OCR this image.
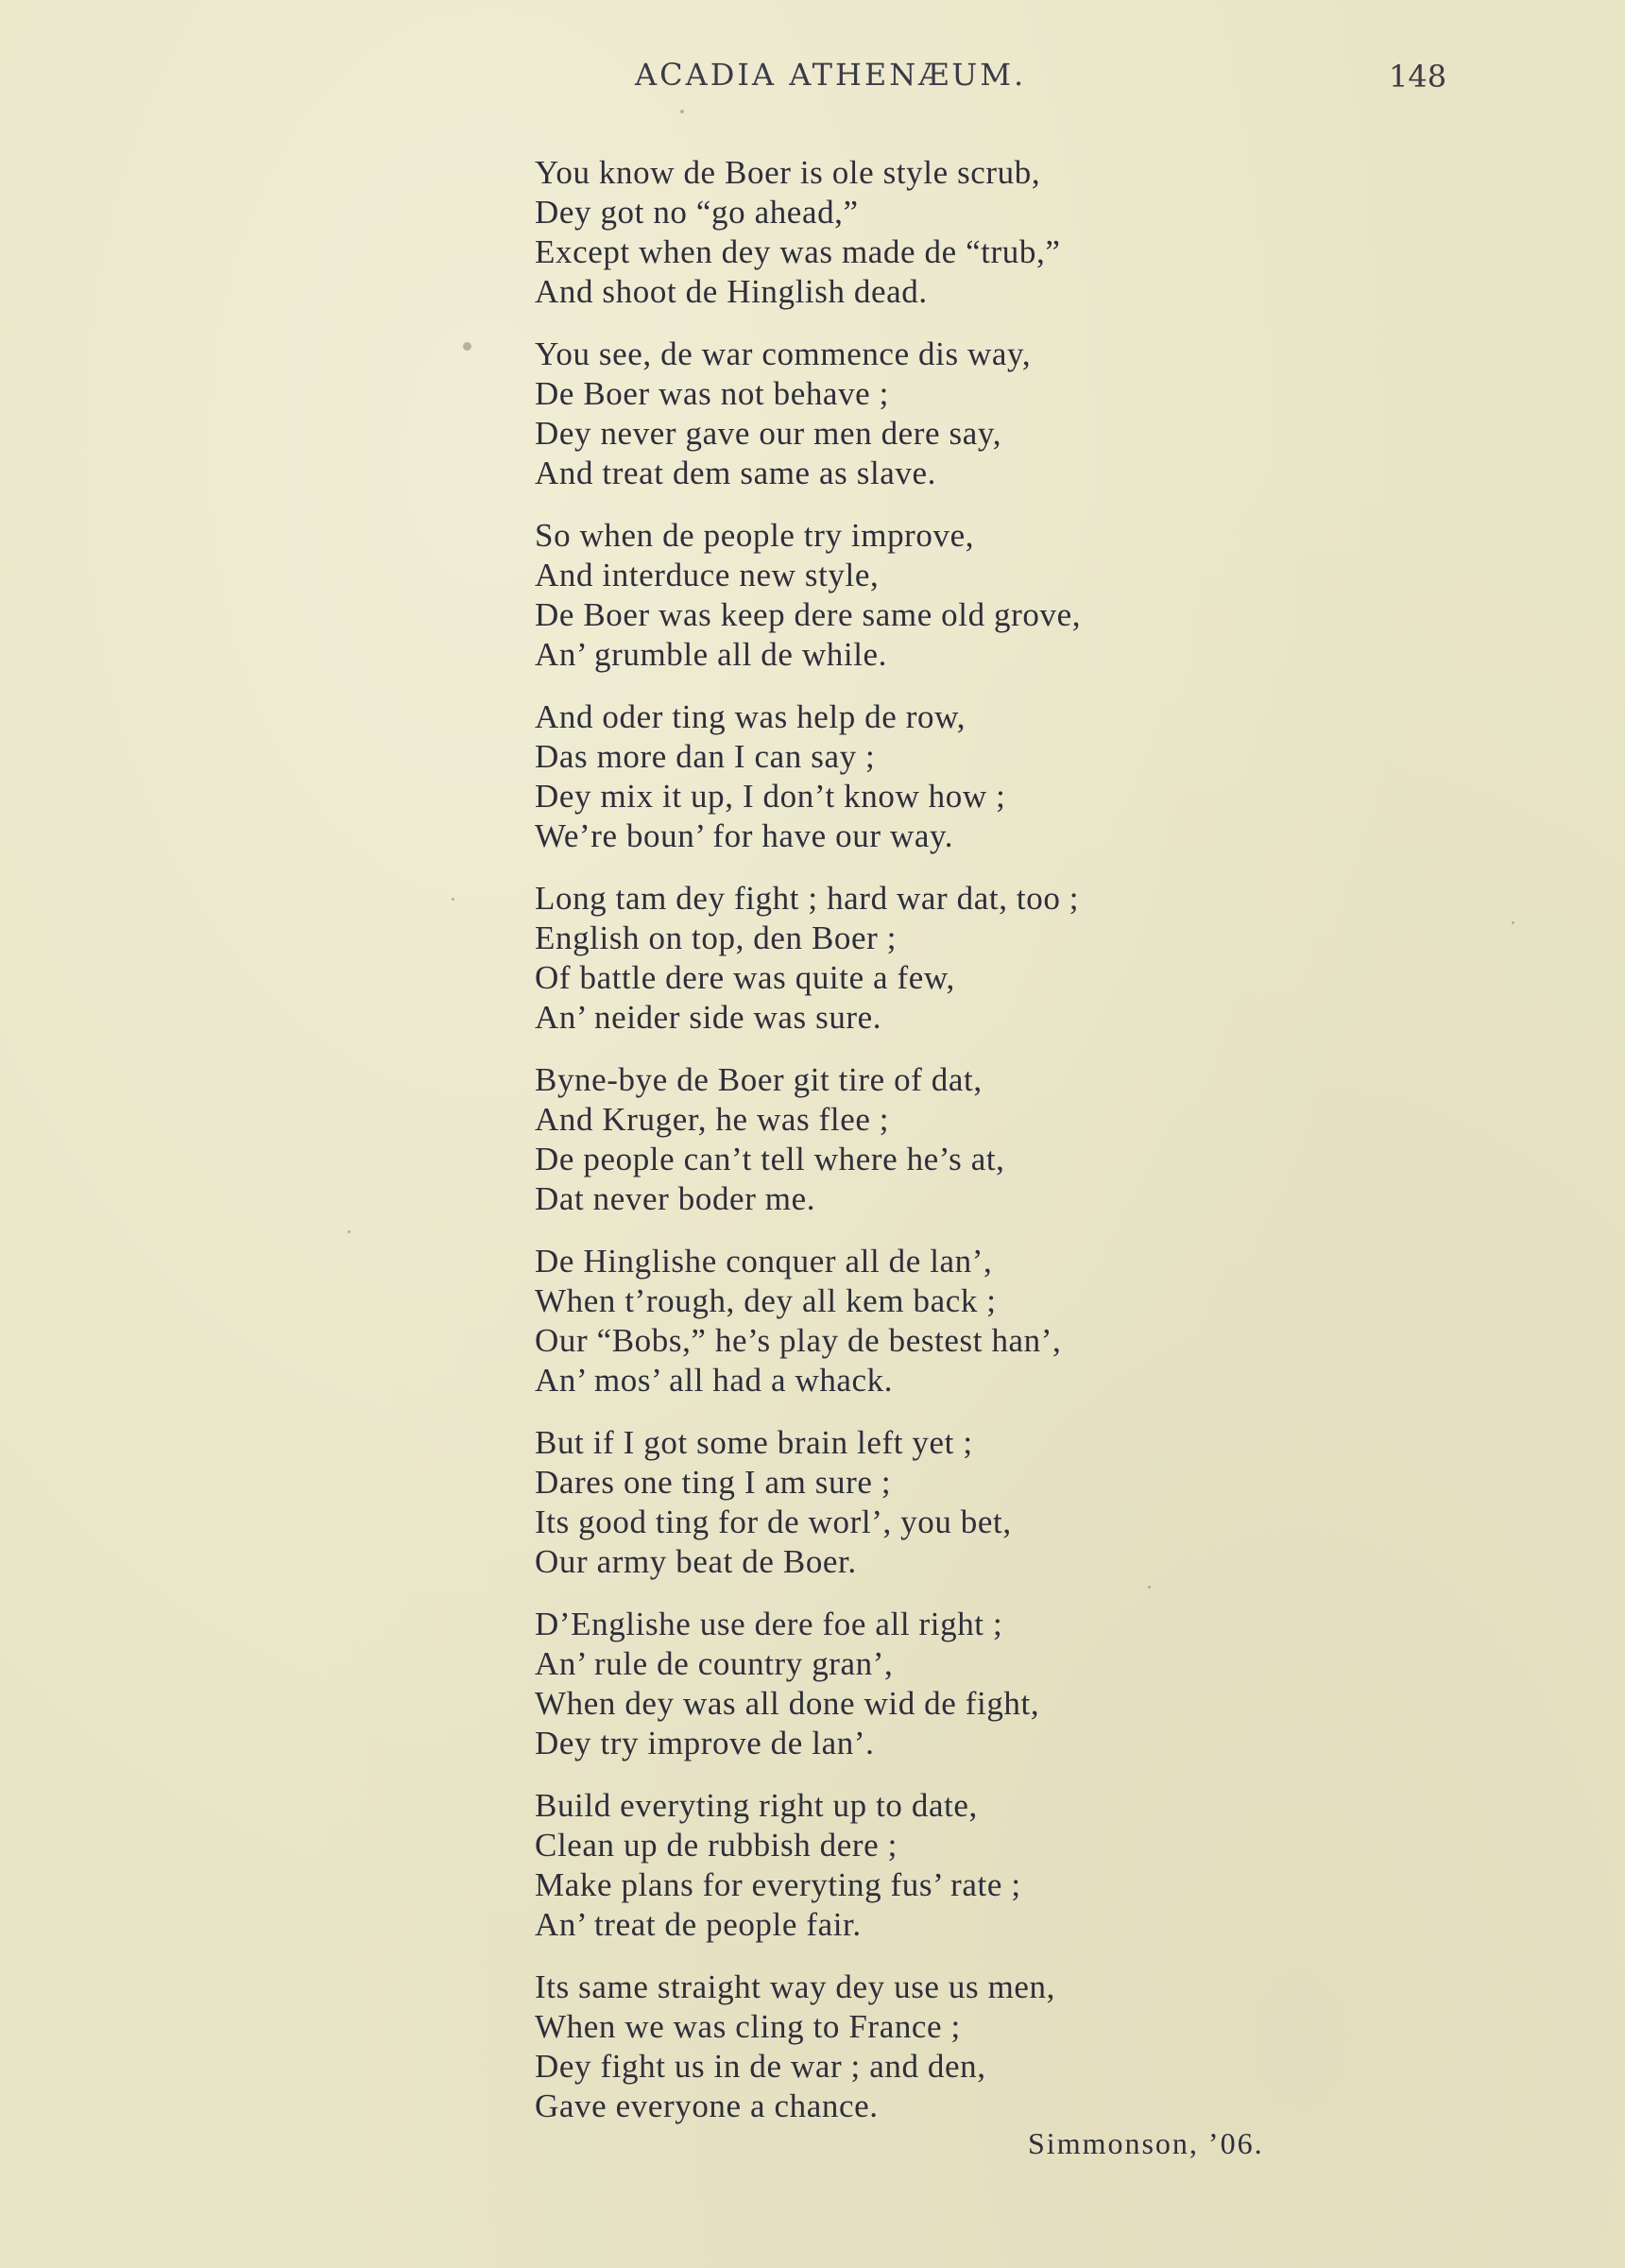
ACADIA ATHENÆUM.	148
You know de Boer is ole style scrub,
Dey got no “go ahead,”
Except when dey was made de “trub,”
And shoot de Hinglish dead.
You see, de war commence dis way,
De Boer was not behave ;
Dey never gave our men dere say,
And treat dem same as slave.
So when de people try improve,
And interduce new style,
De Boer was keep dere same old grove,
An’ grumble all de while.
And oder ting was help de row,
Das more dan I can say ;
Dey mix it up, I don’t know how ;
We’re boun’ for have our way.
Long tam dey fight ; hard war dat, too ;
English on top, den Boer ;
Of battle dere was quite a few,
An’ neider side was sure.
Byne-bye de Boer git tire of dat,
And Kruger, he was flee ;
De people can’t tell where he’s at,
Dat never boder me.
De Hinglishe conquer all de lan’,
When t’rough, dey all kem back ;
Our “Bobs,” he’s play de bestest han’,
An’ mos’ all had a whack.
But if I got some brain left yet ;
Dares one ting I am sure ;
Its good ting for de worl’, you bet,
Our army beat de Boer.
D’Englishe use dere foe all right ;
An’ rule de country gran’,
When dey was all done wid de fight,
Dey try improve de lan’.
Build everyting right up to date,
Clean up de rubbish dere ;
Make plans for everyting fus’ rate ;
An’ treat de people fair.
Its same straight way dey use us men,
When we was cling to France ;
Dey fight us in de war ; and den,
Gave everyone a chance.
Simmonson, ’06.
